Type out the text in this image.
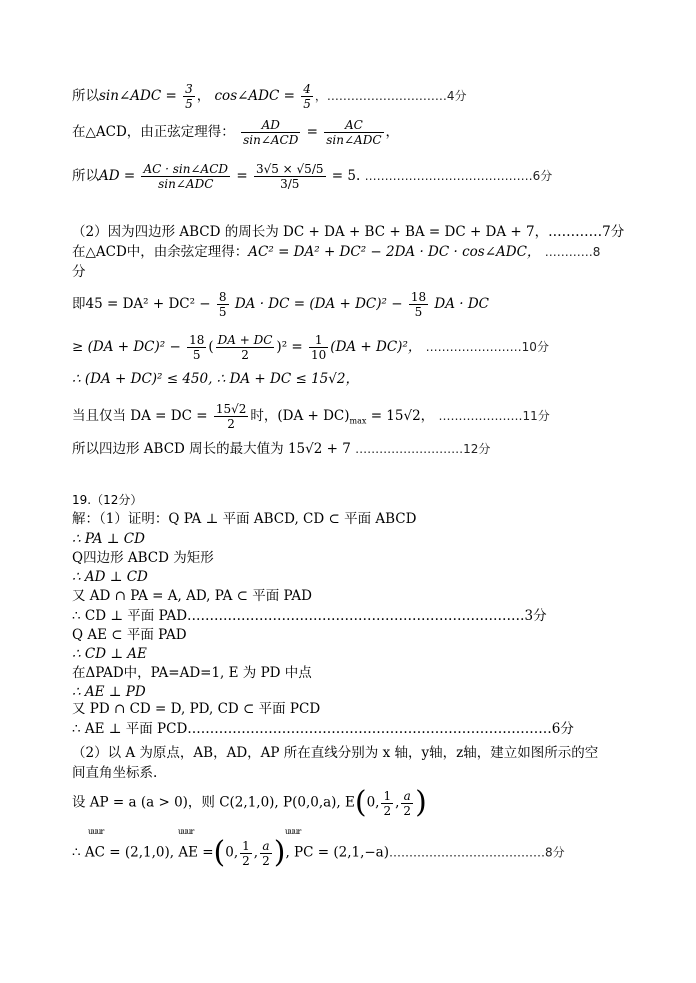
所以sin∠ADC = $\frac{3}{5}$ ， cos∠ADC = $\frac{4}{5}$ ，…………………………4分
在△ACD，由正弦定理得： $\frac{AD}{\text{sin∠ACD}} = \frac{AC}{\text{sin∠ADC}}$ ，
所以AD = $\frac{\text{AC · sin∠ACD}}{\text{sin∠ADC}} = \frac{3√5 \times √5/5}{3/5} = 5$. ……………………………………6分
（2）因为四边形 ABCD 的周长为 DC + DA + BC + BA = DC + DA + 7，…………7分
在△ACD中，由余弦定理得：AC² = DA² + DC² − 2DA · DC · cos∠ADC， …………8
分
即$45 = DA^2 + DC^2 - \frac{8}{5}$ DA · DC = $(DA + DC)^2 - \frac{18}{5}$ DA · DC
≥ $(DA + DC)^2 - \frac{18}{5}$ ( $\frac{DA + DC}{2} )^2 = \frac{1}{10} (DA + DC)^2$， ……………………10分
∴ (DA + DC)² ≤ 450, ∴ DA + DC ≤ 15√2，
当且仅当 DA = DC = $\frac{15√2}{2}$ 时，$(DA + DC)_{max} = 15√2$， …………………11分
所以四边形 ABCD 周长的最大值为 15√2 + 7 ………………………12分
19.（12分）
解：（1）证明：Q PA ⊥ 平面 ABCD, CD ⊂ 平面 ABCD
∴ PA ⊥ CD
Q四边形 ABCD 为矩形
∴ AD ⊥ CD
又 AD ∩ PA = A, AD, PA ⊂ 平面 PAD
∴ CD ⊥ 平面 PAD…………………………………………………………………3分
Q AE ⊂ 平面 PAD
∴ CD ⊥ AE
在ΔPAD中，PA=AD=1, E 为 PD 中点
∴ AE ⊥ PD
又 PD ∩ CD = D, PD, CD ⊂ 平面 PCD
∴ AE ⊥ 平面 PCD………………………………………………………………………6分
（2）以 A 为原点，AB，AD，AP 所在直线分别为 x 轴，y轴，z轴，建立如图所示的空
间直角坐标系.
设 AP = a (a > 0)，则 C(2,1,0), P(0,0,a), E(0, $\frac{1}{2}$ , $\frac{a}{2}$ )
uuur	uuur	uuur
∴ AC = (2,1,0), AE =(0, $\frac{1}{2}$ , $\frac{a}{2}$ ), PC = (2,1,−a)…………………………………8分
